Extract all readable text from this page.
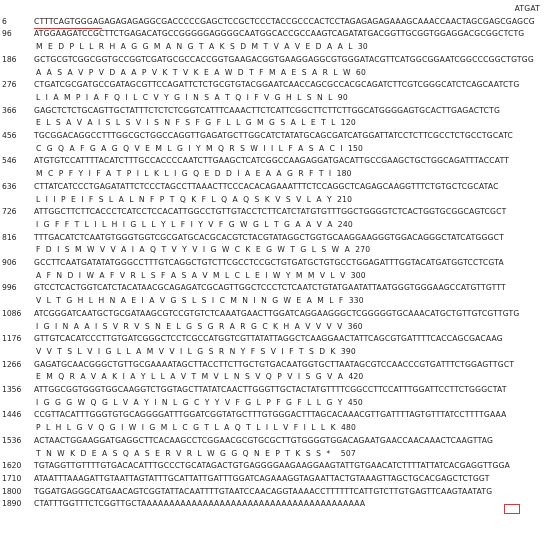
ATGAT
6	CTTTCAGTGGGAGAGAGAGAGGCGACCCCCGAGCTCCGCTCCCTACCGCCCACTCCTAGAGAGAGAAAGCAAACCAACTAGCGAGCGAGCG
96	ATGGAAGATCCGCTTCTGAGACATGCCGGGGGAGGGGCAATGGCACCGCCAAGTCAGATATGACGGTTGCGGTGGAGGACGCGGCTCTG
M  E  D  P  L  L  R  H  A  G  G  M  A  N  G  T  A  K  S  D  M  T  V  A  V  E  D  A  A  L  30
186	GCTGCGTCGGCGGTGCCGGTCGATGCGCCACCGGTGAAGACGGTGAAGGAGGCGTGGGATACGTTCATGGCGGAATCGGCCCGGCTGTGG
A  A  S  A  V  P  V  D  A  A  P  V  K  T  V  K  E  A  W  D  T  F  M  A  E  S  A  R  L  W  60
276	CTGATCGCGATGCCGATAGCGTTCCAGATTCTCTGCGTGTACGGAATCAACCAGCGCCACGCAGATCTTCGTCGGGCATCTCAGCAATCTG
L  I  A  M  P  I  A  F  Q  I  L  C  V  Y  G  I  N  S  A  T  Q  I  F  V  G  H  L  S  N  L  90
366	GAGCTCTCTGCAGTTGCTATTTCTCTCTCGGTCATTTCAAACTTCTCATTCGGCTTCTTCTTGGCATGGGGAGTGCACTTGAGACTCTG
E  L  S  A  V  A  I  S  L  S  V  I  S  N  F  S  F  G  F  L  L  G  M  G  S  A  L  E  T  L  120
456	TGCGGACAGGCCTTTGGCGCTGGCCAGGTTGAGATGCTTGGCATCTATATGCAGCGATCATGGATTATCCTCTTCGCCTCTGCCTGCATC
C  G  Q  A  F  G  A  G  Q  V  E  M  L  G  I  Y  M  Q  R  S  W  I  I  L  F  A  S  A  C  I  150
546	ATGTGTCCATTTTACATCTTTGCCACCCCAATCTTGAAGCTCATCGGCCAAGAGGATGACATTGCCGAAGCTGCTGGCAGATTTACCATT
M  C  P  F  Y  I  F  A  T  P  I  L  K  L  I  G  Q  E  D  D  I  A  E  A  A  G  R  F  T  I  180
636	CTTATCATCCCTGAGATATTCTCCCTAGCCTTAAACTTCCCACACAGAAATTTCTCCAGGCTCAGAGCAAGGTTTCTGTGCTCGCATAC
L  I  I  P  E  I  F  S  L  A  L  N  F  P  T  Q  K  F  L  Q  A  Q  S  K  V  S  V  L  A  Y  210
726	ATTGGCTTCTTCACCCTCATCCTCCACATTGGCCTGTTGTACCTCTTCATCTATGTGTTTGGCTGGGGTCTCACTGGTGCGGCAGTCGCT
I  G  F  F  T  L  I  L  H  I  G  L  L  Y  L  F  I  Y  V  F  G  W  G  L  T  G  A  A  V  A  240
816	TTTGACATCTCAATGTGGGTGGTCGCGATGCACGCACGTCTACGTATAGGCTGGTGCAAGGAAGGGTGGACAGGGCTATCATGGGCT
F  D  I  S  M  W  V  V  A  I  A  Q  T  V  Y  V  I  G  W  C  K  E  G  W  T  G  L  S  W  A  270
906	GCCTTCAATGATATATGGGCCTTTGTCAGGCTGTCTTCGCCTCCGCTGTGATGCTGTGCCTGGAGATTTGGTACATGATGGTCCTCGTA
A  F  N  D  I  W  A  F  V  R  L  S  F  A  S  A  V  M  L  C  L  E  I  W  Y  M  M  V  L  V  300
996	GTCCTCACTGGTCATCTACATAACGCAGAGATCGCAGTTGGCTCCCTCTCAATCTGTATGAATATTAATGGGTGGGAAGCCATGTTGTTT
V  L  T  G  H  L  H  N  A  E  I  A  V  G  S  L  S  I  C  M  N  I  N  G  W  E  A  M  L  F  330
1086	ATCGGGATCAATGCTGCGATAAGCGTCCGTGTCTCAAATGAACTTGGATCAGGAAGGGCTCGGGGGTGCAAACATGCTGTTGTCGTTGTG
I  G  I  N  A  A  I  S  V  R  V  S  N  E  L  G  S  G  R  A  R  G  C  K  H  A  V  V  V  V  360
1176	GTTGTCACATCCCTTGTGATCGGGCTCCTCGCCATGGTCGTTATATTAGGCTCAAGGAACTATTCAGCGTGATTTTCACCAGCGACAAG
V  V  T  S  L  V  I  G  L  L  A  M  V  V  I  L  G  S  R  N  Y  F  S  V  I  F  T  S  D  K  390
1266	GAGATGCAACGGGCTGTTGCGAAAATAGCTTACCTTCTTGCTGTGACAATGGTGCTTAATAGCGTCCAACCCGTGATTTCTGGAGTTGCT
E  M  Q  R  A  V  A  K  I  A  Y  L  L  A  V  T  M  V  L  N  S  V  Q  P  V  I  S  G  V  A  420
1356	ATTGGCGGTGGGTGGCAAGGTCTGGTAGCTTATATCAACTTGGGTTGCTACTATGTTTTCGGCCTTCCATTTGGATTCCTTCTGGGCTAT
I  G  G  G  W  Q  G  L  V  A  Y  I  N  L  G  C  Y  Y  V  F  G  L  P  F  G  F  L  L  G  Y  450
1446	CCGTTACATTTGGGTGTGCAGGGGATTTGGATCGGTATGCTTTGTGGGACTTTAGCACAAACGTTGATTTTAGTGTTTATCCTTTTGAAA
P  L  H  L  G  V  Q  G  I  W  I  G  M  L  C  G  T  L  A  Q  T  L  I  L  V  F  I  L  L  K  480
1536	ACTAACTGGAAGGATGAGGCTTCACAAGCCTCGGAACGCGTGCGCTTGTGGGGTGGACAGAATGAACCAACAAACTCAAGTTAG
T  N  W  K  D  E  A  S  Q  A  S  E  R  V  R  L  W  G  G  Q  N  E  P  T  K  S  S  *    507
1620	TGTAGGTTGTTTTGTGACACATTTGCCCTGCATAGACTGTGAGGGGAAGAAGGAAGTATTGTGAACATCTTTTATTATCACGAGGTTGGA
1710	ATAATTTAAAGATTGTAATTAGTATTTGCATTATTGATTTGGATCAGAAAGGTAGAATTACTGTAAAGTTAGCTGCACGAGCTCTGGT
1800	TGGATGAGGGCATGAACAGTCGGTATTACAATTTTGTAATCCAACAGGTAAAACCTTTTTTCATTGTCTTGTGAGTTCAAGTAATATG
1890	CTATTTGGTTTCTCGGTTGCTAAAAAAAAAAAAAAAAAAAAAAAAAAAAAAAAAAAAAAAA
